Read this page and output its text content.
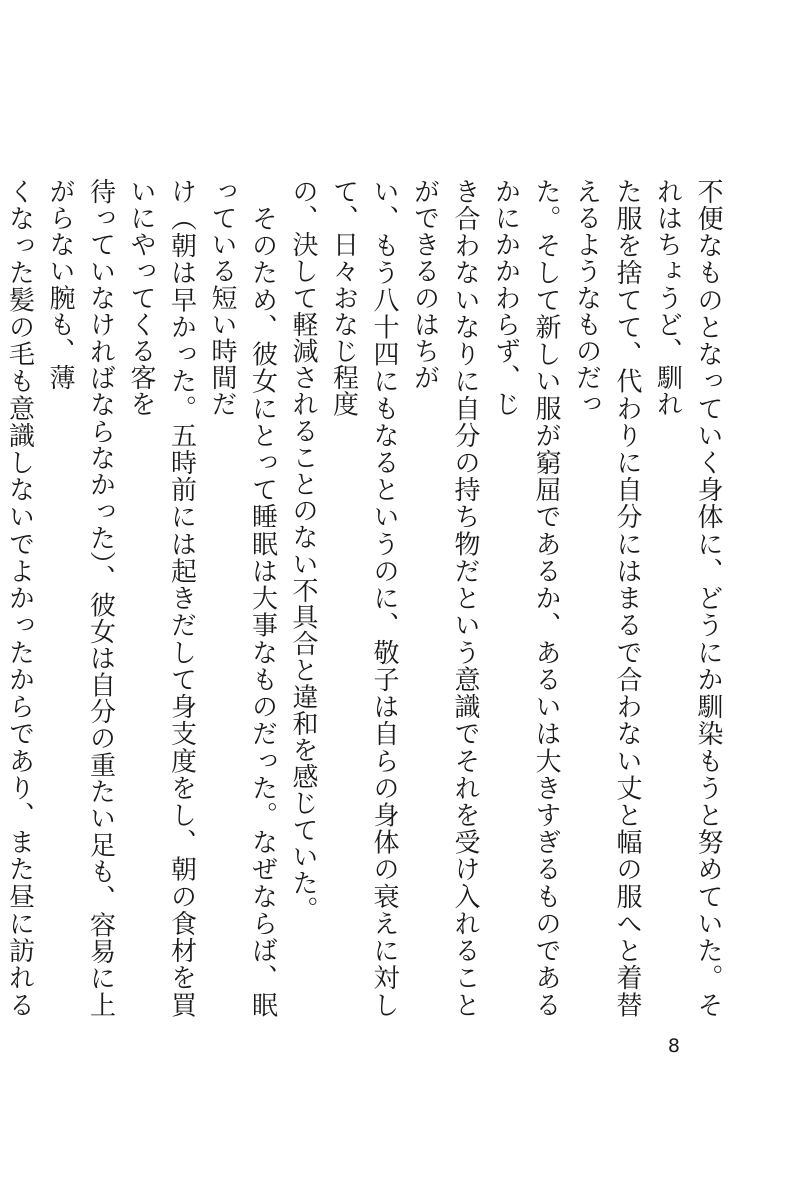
不便なものとなっていく身体に、どうにか馴染もうと努めていた。それはちょうど、馴れ

た服を捨てて、代わりに自分にはまるで合わない丈と幅の服へと着替えるようなものだっ

た。そして新しい服が窮屈であるか、あるいは大きすぎるものであるかにかかわらず、じ

き合わないなりに自分の持ち物だという意識でそれを受け入れることができるのはちが

い、もう八十四にもなるというのに、敬子は自らの身体の衰えに対して、日々おなじ程度

の、決して軽減されることのない不具合と違和を感じていた。

　そのため、彼女にとって睡眠は大事なものだった。なぜならば、眠っている短い時間だ

け（朝は早かった。五時前には起きだして身支度をし、朝の食材を買いにやってくる客を

待っていなければならなかった）、彼女は自分の重たい足も、容易に上がらない腕も、薄

くなった髪の毛も意識しないでよかったからであり、また昼に訪れる

8
